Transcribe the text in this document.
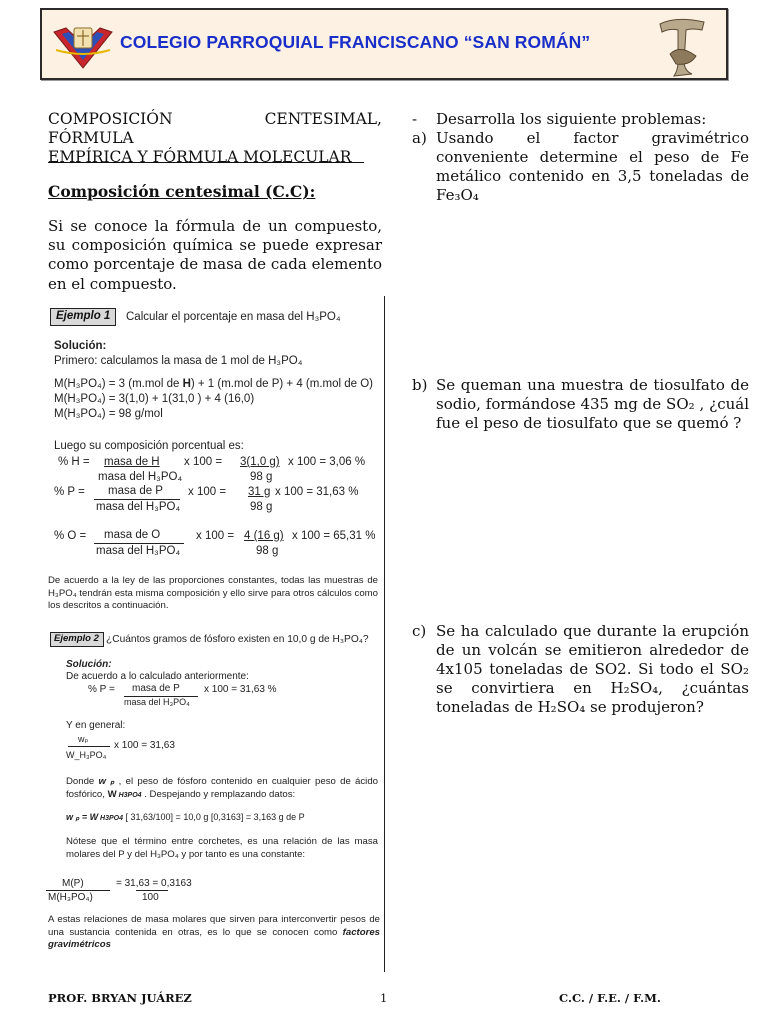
COLEGIO PARROQUIAL FRANCISCANO “SAN ROMÁN”
COMPOSICIÓN CENTESIMAL, FÓRMULA
EMPÍRICA Y FÓRMULA MOLECULAR
Composición centesimal (C.C):
Si se conoce la fórmula de un compuesto, su composición química se puede expresar como porcentaje de masa de cada elemento en el compuesto.
Ejemplo 1	Calcular el porcentaje en masa del H₃PO₄
Solución:
Primero: calculamos la masa de 1 mol de H₃PO₄
M(H₃PO₄) = 3 (m.mol de H) + 1 (m.mol de P) + 4 (m.mol de O)
M(H₃PO₄) = 3(1,0) + 1(31,0 ) + 4 (16,0)
M(H₃PO₄) = 98 g/mol
Luego su composición porcentual es:
% H = masa de H x 100 = 3(1,0 g) x 100 = 3,06 %
masa del H₃PO₄	98 g
% P = masa de P x 100 = 31 g x 100 = 31,63 %
masa del H₃PO₄	98 g
% O = masa de O	x 100 = 4 (16 g) x 100 = 65,31 %
masa del H₃PO₄	98 g
De acuerdo a la ley de las proporciones constantes, todas las muestras de H₃PO₄ tendrán esta misma composición y ello sirve para otros cálculos como los descritos a continuación.
Ejemplo 2 ¿Cuántos gramos de fósforo existen en 10,0 g de H₃PO₄?
Solución:
De acuerdo a lo calculado anteriormente:
% P = masa de P x 100 = 31,63 %
masa del H₃PO₄
Y en general:
wₚ
W_H₃PO₄
x 100 = 31,63
Donde w ₚ , el peso de fósforo contenido en cualquier peso de ácido fosfórico, W H3PO4 . Despejando y remplazando datos:
w ₚ = W H3PO4 [ 31,63/100] = 10,0 g [0,3163] = 3,163 g de P
Nótese que el término entre corchetes, es una relación de las masa molares del P y del H₃PO₄ y por tanto es una constante:
M(P)
M(H₃PO₄)
= 31,63 = 0,3163
100
A estas relaciones de masa molares que sirven para interconvertir pesos de una sustancia contenida en otras, es lo que se conocen como factores gravimétricos
-	Desarrolla los siguiente problemas:
a) Usando el factor gravimétrico conveniente determine el peso de Fe metálico contenido en 3,5 toneladas de Fe₃O₄
b) Se queman una muestra de tiosulfato de sodio, formándose 435 mg de SO₂ , ¿cuál fue el peso de tiosulfato que se quemó ?
c) Se ha calculado que durante la erupción de un volcán se emitieron alrededor de 4x105 toneladas de SO2. Si todo el SO₂ se convirtiera en H₂SO₄, ¿cuántas toneladas de H₂SO₄ se produjeron?
PROF. BRYAN JUÁREZ	1	C.C. / F.E. / F.M.
